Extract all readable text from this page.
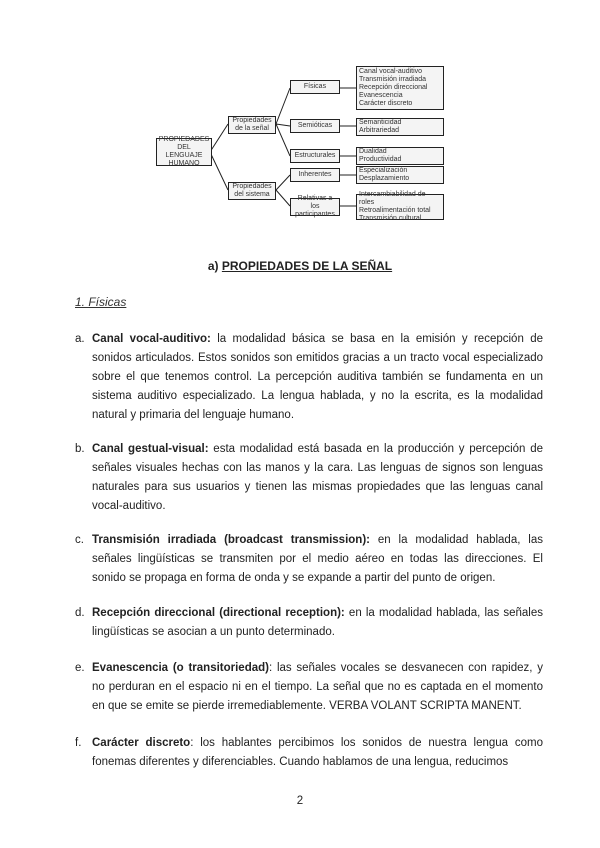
PROPIEDADES
DEL LENGUAJE
HUMANO
Propiedades
de la señal
Propiedades
del sistema
Físicas
Semióticas
Estructurales
Inherentes
Relativas a los
participantes
Canal vocal-auditivo
Transmisión irradiada
Recepción direccional
Evanescencia
Carácter discreto
Semanticidad
Arbitrariedad
Dualidad
Productividad
Especialización
Desplazamiento
Intercambiabilidad de roles
Retroalimentación total
Transmisión cultural
a) PROPIEDADES DE LA SEÑAL
1. Físicas
a. Canal vocal-auditivo: la modalidad básica se basa en la emisión y recepción de sonidos articulados. Estos sonidos son emitidos gracias a un tracto vocal especializado sobre el que tenemos control. La percepción auditiva también se fundamenta en un sistema auditivo especializado. La lengua hablada, y no la escrita, es la modalidad natural y primaria del lenguaje humano.
b. Canal gestual-visual: esta modalidad está basada en la producción y percepción de señales visuales hechas con las manos y la cara. Las lenguas de signos son lenguas naturales para sus usuarios y tienen las mismas propiedades que las lenguas canal vocal-auditivo.
c. Transmisión irradiada (broadcast transmission): en la modalidad hablada, las señales lingüísticas se transmiten por el medio aéreo en todas las direcciones. El sonido se propaga en forma de onda y se expande a partir del punto de origen.
d. Recepción direccional (directional reception): en la modalidad hablada, las señales lingüísticas se asocian a un punto determinado.
e. Evanescencia (o transitoriedad): las señales vocales se desvanecen con rapidez, y no perduran en el espacio ni en el tiempo. La señal que no es captada en el momento en que se emite se pierde irremediablemente. VERBA VOLANT SCRIPTA MANENT.
f. Carácter discreto: los hablantes percibimos los sonidos de nuestra lengua como fonemas diferentes y diferenciables. Cuando hablamos de una lengua, reducimos
2
